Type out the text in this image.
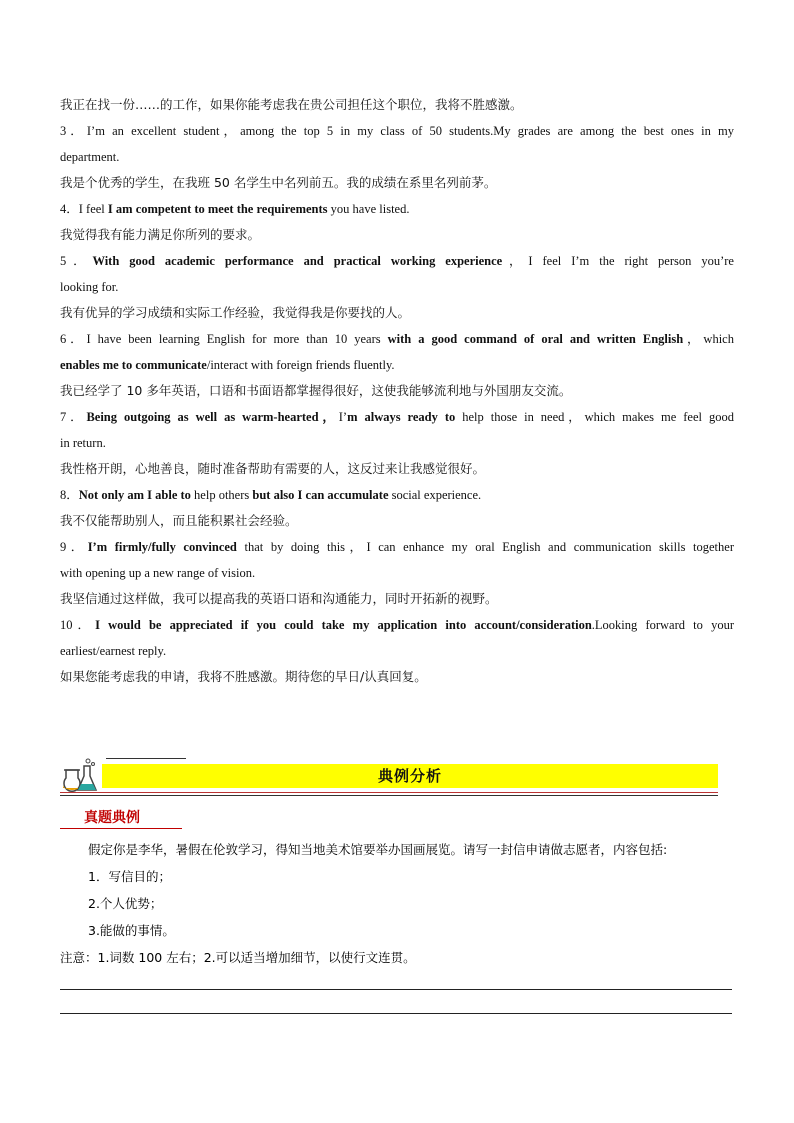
我正在找一份……的工作，如果你能考虑我在贵公司担任这个职位，我将不胜感激。
3．I’m an excellent student，among the top 5 in my class of 50 students.My grades are among the best ones in my
department.
我是个优秀的学生，在我班 50 名学生中名列前五。我的成绩在系里名列前茅。
4．I feel I am competent to meet the requirements you have listed.
我觉得我有能力满足你所列的要求。
5．With good academic performance and practical working experience，I feel I’m the right person you’re
looking for.
我有优异的学习成绩和实际工作经验，我觉得我是你要找的人。
6．I have been learning English for more than 10 years with a good command of oral and written English，which
enables me to communicate/interact with foreign friends fluently.
我已经学了 10 多年英语，口语和书面语都掌握得很好，这使我能够流利地与外国朋友交流。
7．Being outgoing as well as warm-hearted，I’m always ready to help those in need，which makes me feel good
in return.
我性格开朗，心地善良，随时准备帮助有需要的人，这反过来让我感觉很好。
8．Not only am I able to help others but also I can accumulate social experience.
我不仅能帮助别人，而且能积累社会经验。
9．I’m firmly/fully convinced that by doing this，I can enhance my oral English and communication skills together
with opening up a new range of vision.
我坚信通过这样做，我可以提高我的英语口语和沟通能力，同时开拓新的视野。
10．I would be appreciated if you could take my application into account/consideration.Looking forward to your
earliest/earnest reply.
如果您能考虑我的申请，我将不胜感激。期待您的早日/认真回复。
典例分析
真题典例
假定你是李华，暑假在伦敦学习，得知当地美术馆要举办国画展览。请写一封信申请做志愿者，内容包括:
1．写信目的；
2.个人优势；
3.能做的事情。
注意：1.词数 100 左右；2.可以适当增加细节，以使行文连贯。
